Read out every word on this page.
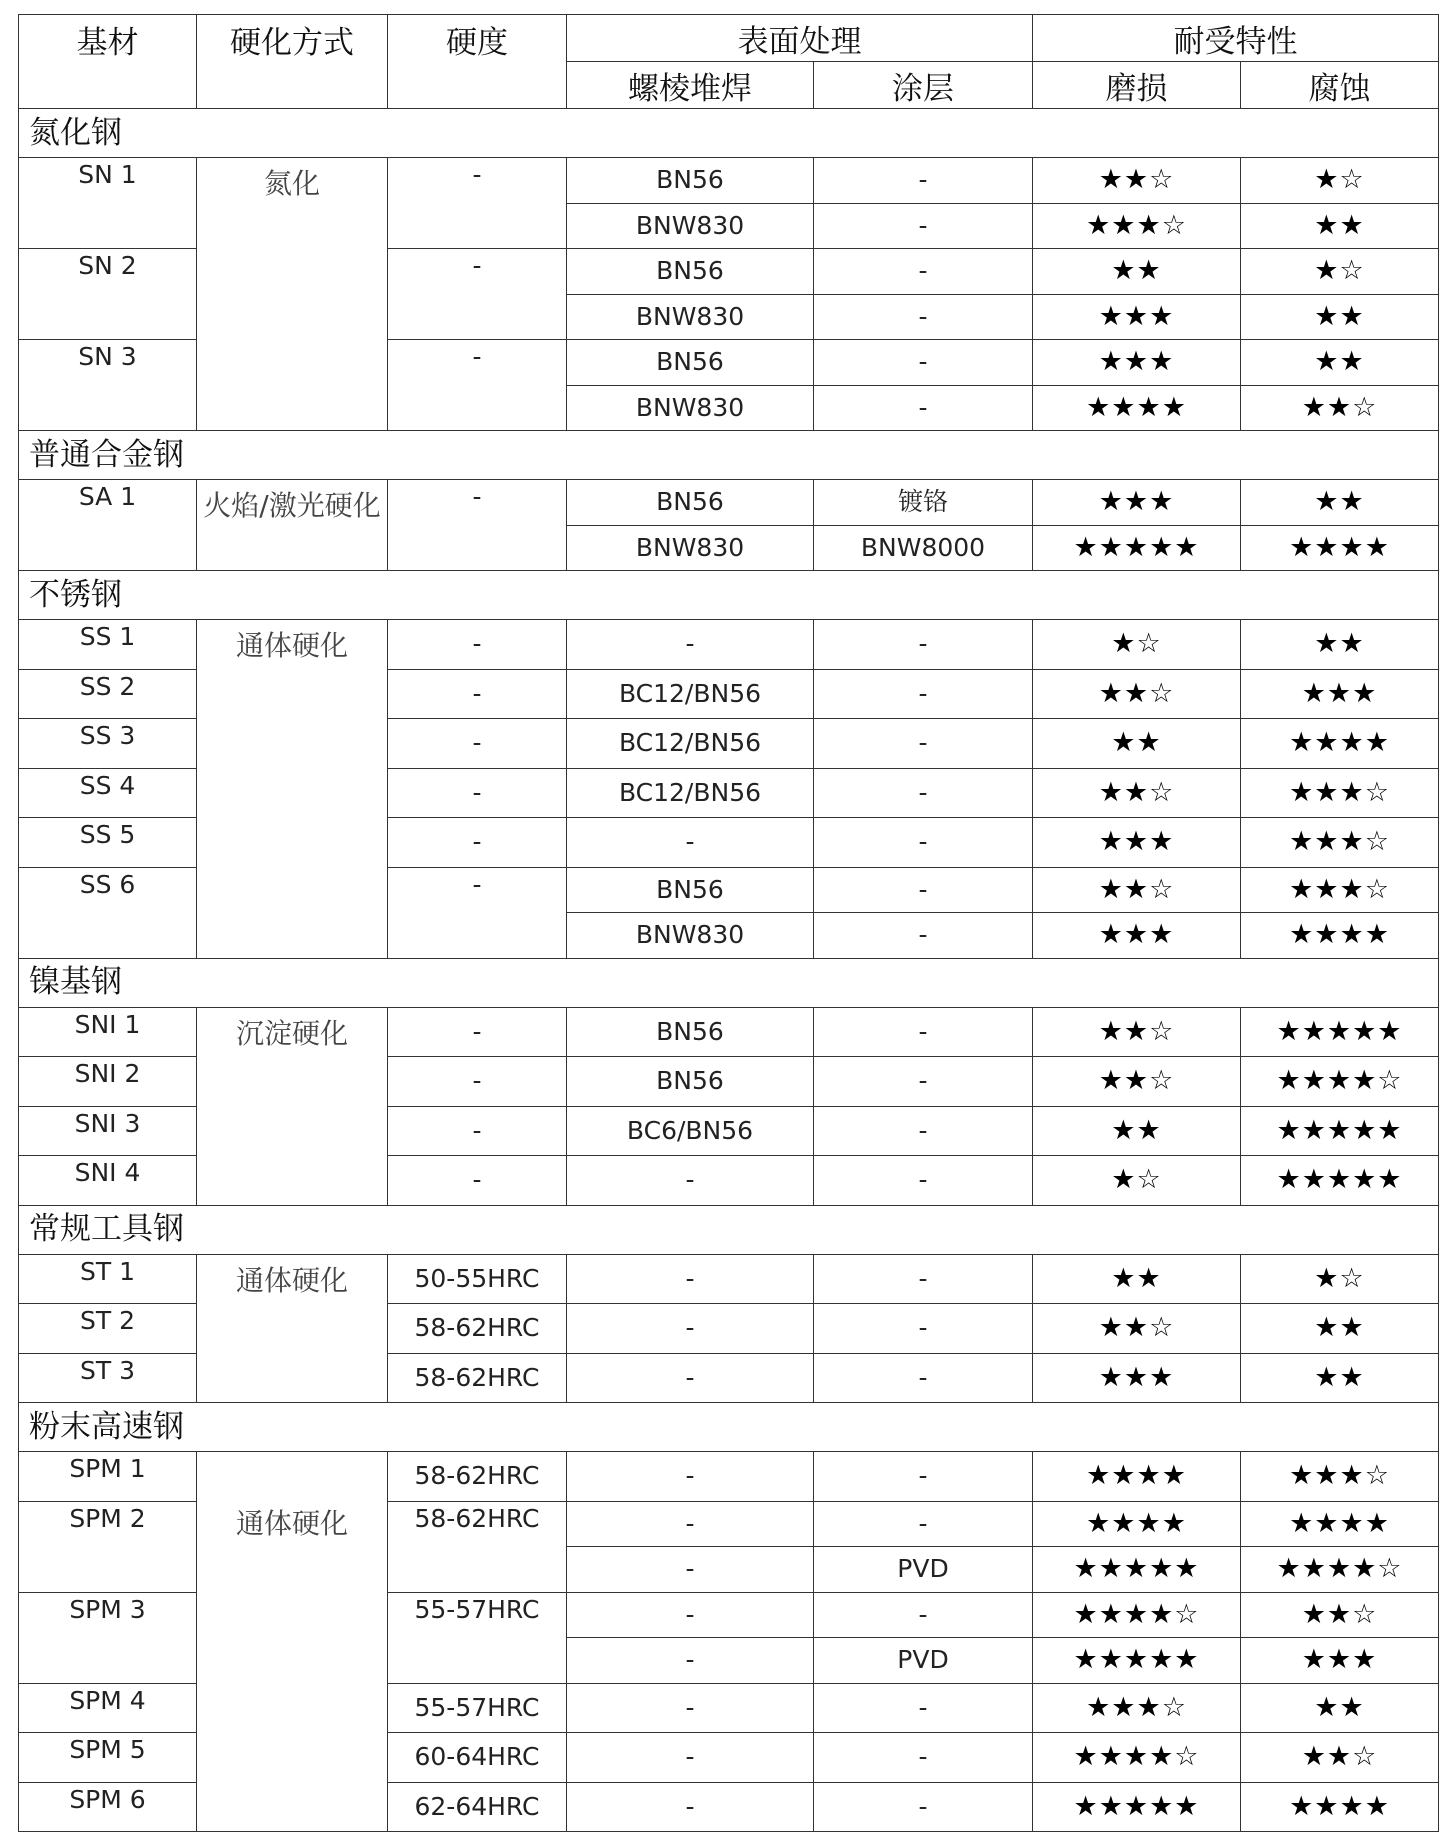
基材	硬化方式	硬度	表面处理		耐受特性	
			螺棱堆焊	涂层	磨损	腐蚀
氮化钢						
SN 1	氮化	-	BN56	-	★★☆	★☆
			BNW830	-	★★★☆	★★
SN 2		-	BN56	-	★★	★☆
			BNW830	-	★★★	★★
SN 3		-	BN56	-	★★★	★★
			BNW830	-	★★★★	★★☆
普通合金钢						
SA 1	火焰/激光硬化	-	BN56	镀铬	★★★	★★
			BNW830	BNW8000	★★★★★	★★★★
不锈钢						
SS 1	通体硬化	-	-	-	★☆	★★
SS 2		-	BC12/BN56	-	★★☆	★★★
SS 3		-	BC12/BN56	-	★★	★★★★
SS 4		-	BC12/BN56	-	★★☆	★★★☆
SS 5		-	-	-	★★★	★★★☆
SS 6		-	BN56	-	★★☆	★★★☆
			BNW830	-	★★★	★★★★
镍基钢						
SNI 1	沉淀硬化	-	BN56	-	★★☆	★★★★★
SNI 2		-	BN56	-	★★☆	★★★★☆
SNI 3		-	BC6/BN56	-	★★	★★★★★
SNI 4		-	-	-	★☆	★★★★★
常规工具钢						
ST 1	通体硬化	50-55HRC	-	-	★★	★☆
ST 2		58-62HRC	-	-	★★☆	★★
ST 3		58-62HRC	-	-	★★★	★★
粉末高速钢						
SPM 1	通体硬化	58-62HRC	-	-	★★★★	★★★☆
SPM 2		58-62HRC	-	-	★★★★	★★★★
			-	PVD	★★★★★	★★★★☆
SPM 3		55-57HRC	-	-	★★★★☆	★★☆
			-	PVD	★★★★★	★★★
SPM 4		55-57HRC	-	-	★★★☆	★★
SPM 5		60-64HRC	-	-	★★★★☆	★★☆
SPM 6		62-64HRC	-	-	★★★★★	★★★★
